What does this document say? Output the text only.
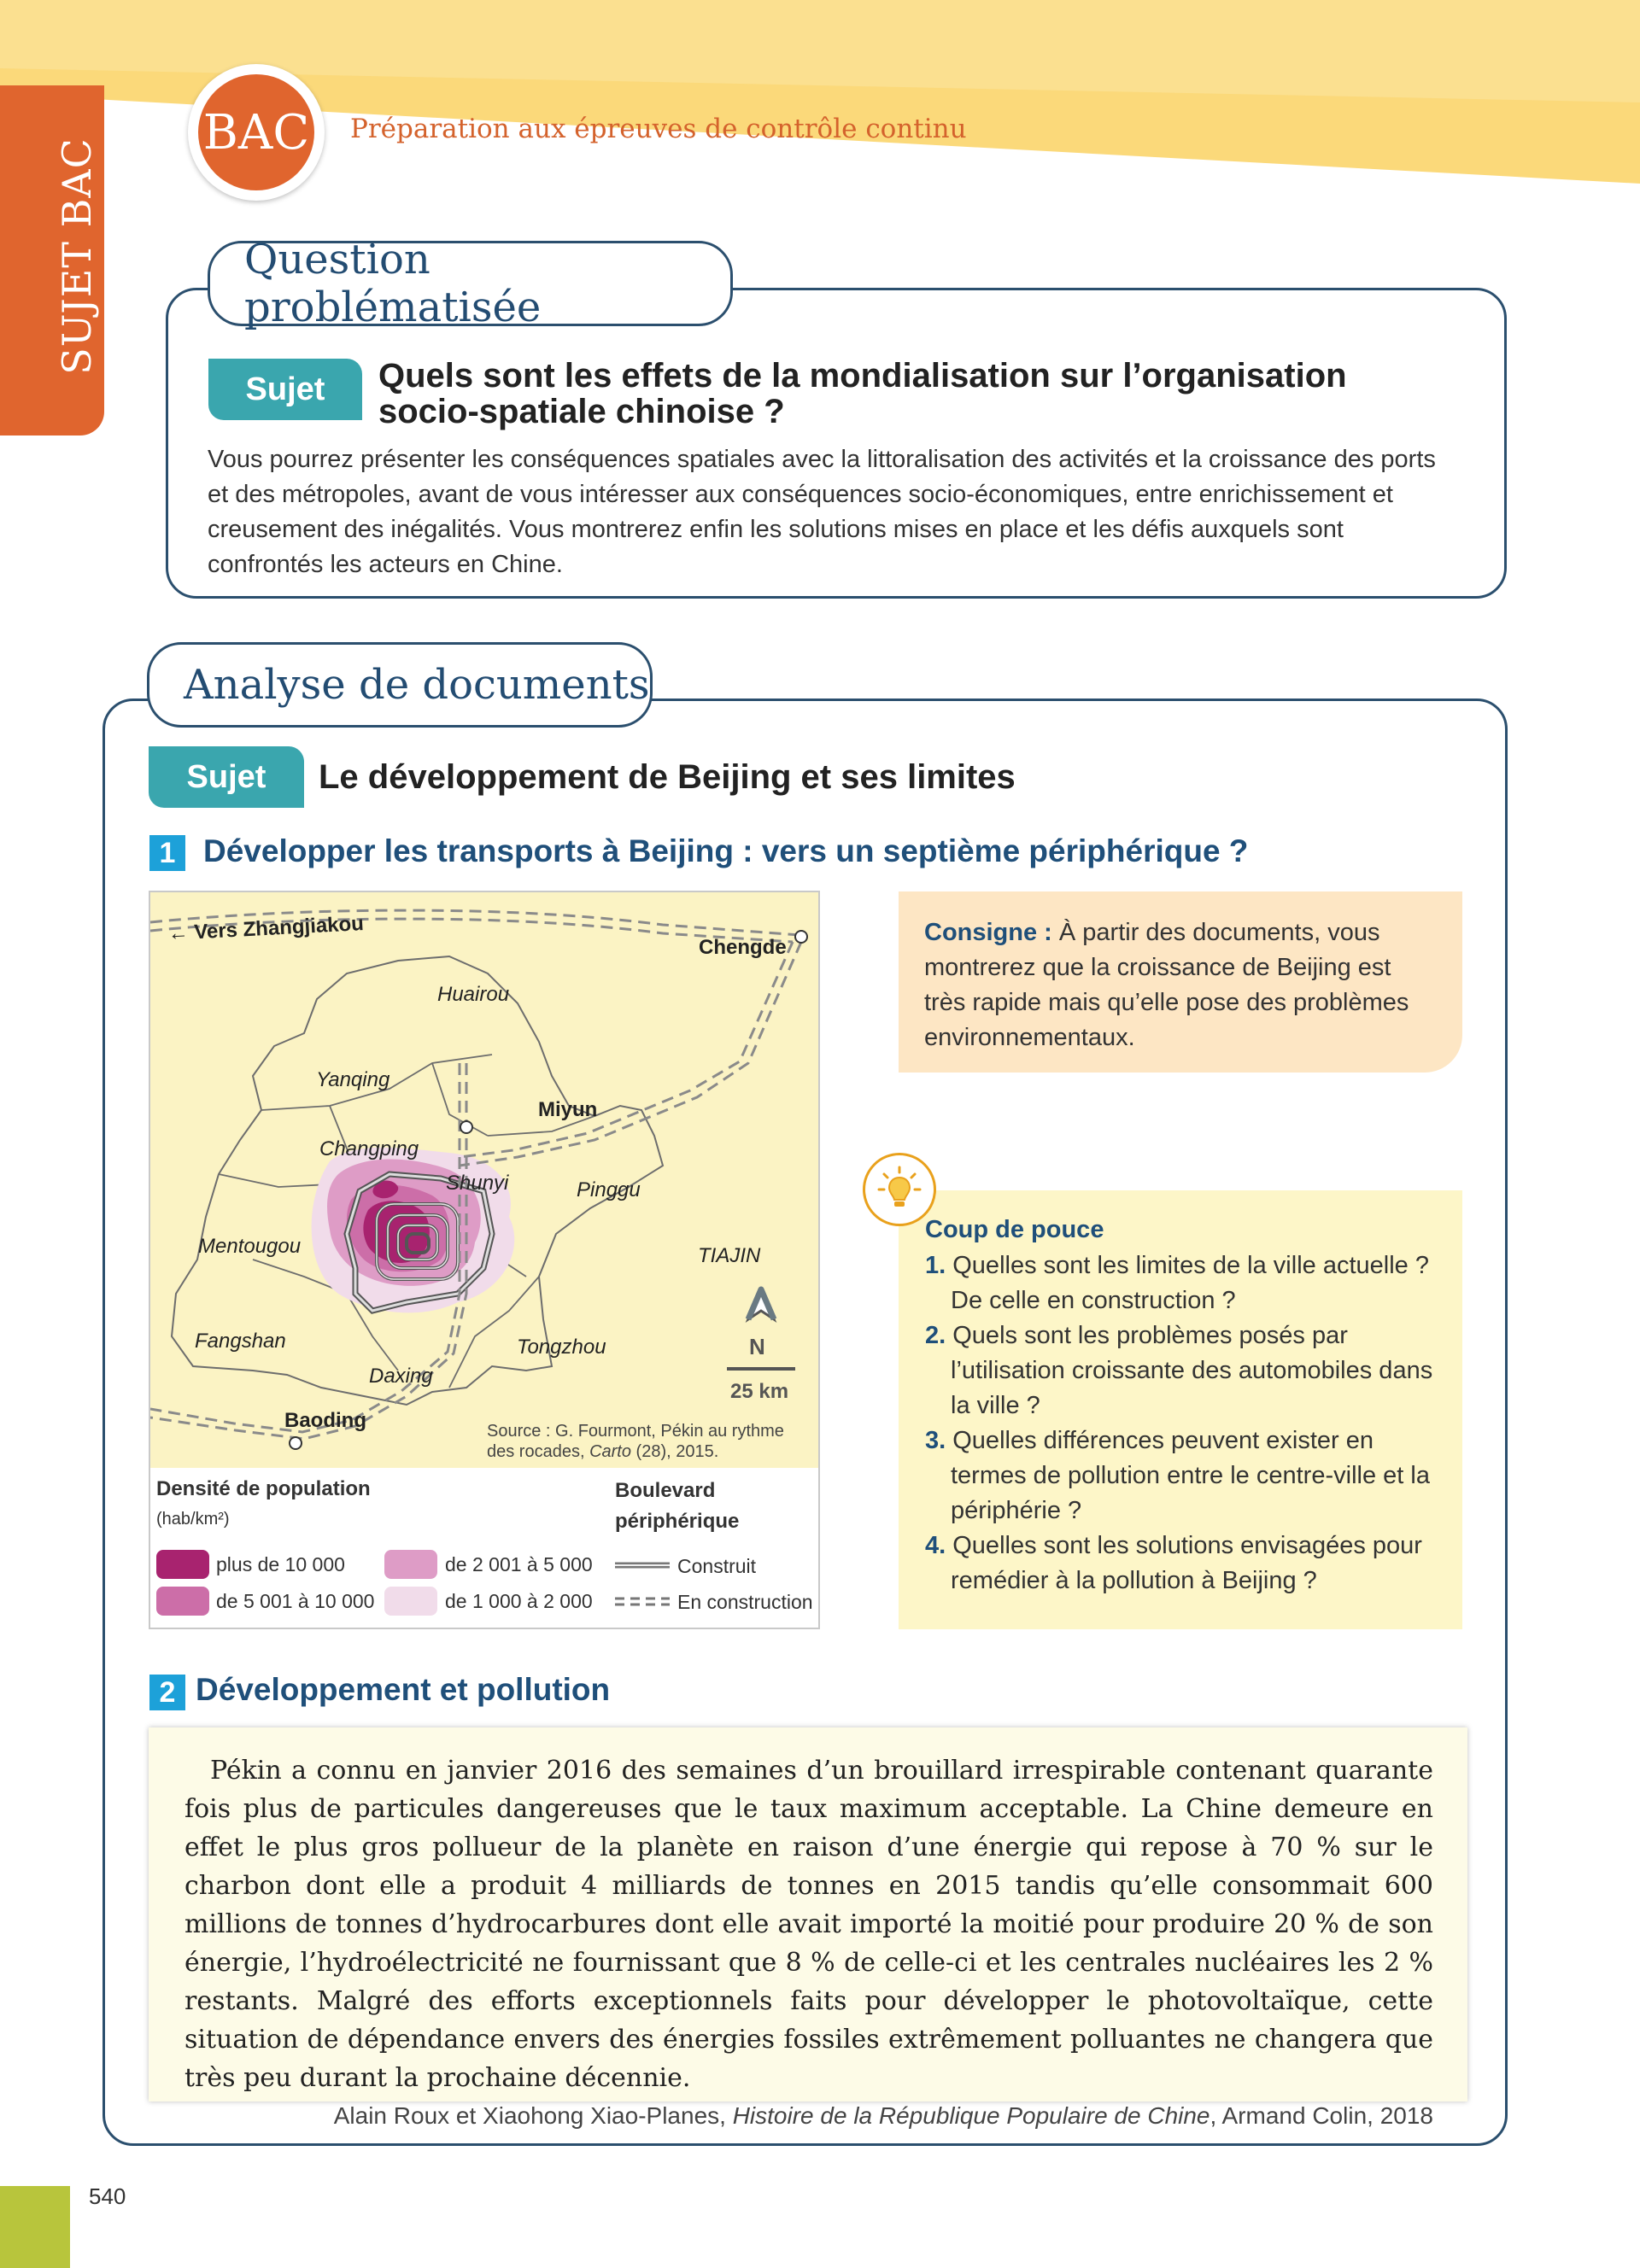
SUJET BAC
BAC Préparation aux épreuves de contrôle continu
Question problématisée
Sujet	Quels sont les effets de la mondialisation sur l’organisation socio-spatiale chinoise ?
Vous pourrez présenter les conséquences spatiales avec la littoralisation des activités et la croissance des ports et des métropoles, avant de vous intéresser aux conséquences socio-économiques, entre enrichissement et creusement des inégalités. Vous montrerez enfin les solutions mises en place et les défis auxquels sont confrontés les acteurs en Chine.
Analyse de documents
Sujet	Le développement de Beijing et ses limites
1 Développer les transports à Beijing : vers un septième périphérique ?
← Vers Zhangjiakou
Chengde
Huairou
Yanqing
Miyun
Changping
Shunyi	Pinggu
Mentougou	TIAJIN
Fangshan	Tongzhou
Daxing
Baoding
N
25 km
Source : G. Fourmont, Pékin au rythme des rocades, Carto (28), 2015.
Densité de population
(hab/km²)
plus de 10 000
de 5 001 à 10 000
de 2 001 à 5 000
de 1 000 à 2 000
Boulevard
périphérique
Construit
En construction
Consigne : À partir des documents, vous montrerez que la croissance de Beijing est très rapide mais qu’elle pose des problèmes environnementaux.
Coup de pouce
1. Quelles sont les limites de la ville actuelle ? De celle en construction ?
2. Quels sont les problèmes posés par l’utilisation croissante des automobiles dans la ville ?
3. Quelles différences peuvent exister en termes de pollution entre le centre-ville et la périphérie ?
4. Quelles sont les solutions envisagées pour remédier à la pollution à Beijing ?
2 Développement et pollution

Pékin a connu en janvier 2016 des semaines d’un brouillard irrespirable contenant quarante fois plus de particules dangereuses que le taux maximum acceptable. La Chine demeure en effet le plus gros pollueur de la planète en raison d’une énergie qui repose à 70 % sur le charbon dont elle a produit 4 milliards de tonnes en 2015 tandis qu’elle consommait 600 millions de tonnes d’hydrocarbures dont elle avait importé la moitié pour produire 20 % de son énergie, l’hydroélectricité ne fournissant que 8 % de celle-ci et les centrales nucléaires les 2 % restants. Malgré des efforts exceptionnels faits pour développer le photovoltaïque, cette situation de dépendance envers des énergies fossiles extrêmement polluantes ne changera que très peu durant la prochaine décennie.

Alain Roux et Xiaohong Xiao-Planes, Histoire de la République Populaire de Chine, Armand Colin, 2018

540
